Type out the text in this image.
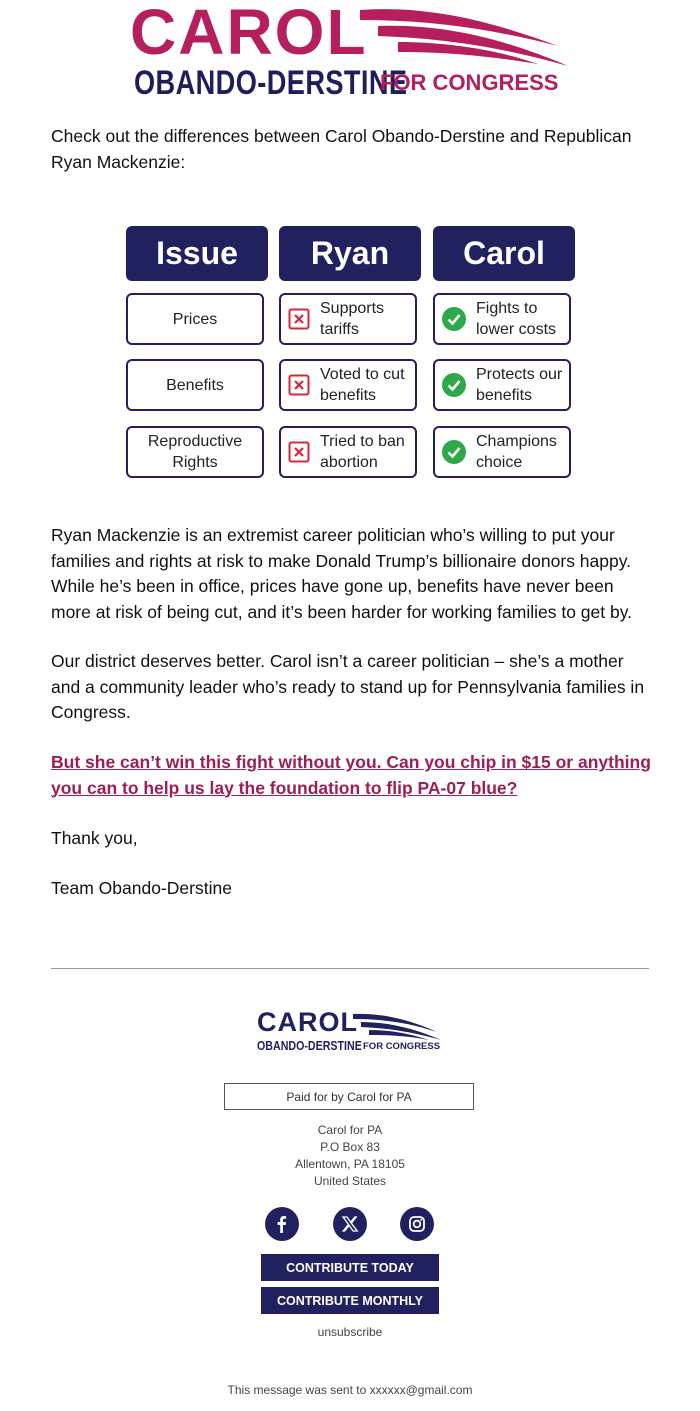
CAROL
OBANDO-DERSTINE
FOR CONGRESS

Check out the differences between Carol Obando-Derstine and Republican Ryan Mackenzie:

Issue	Ryan	Carol
Prices
Supports tariffs
Fights to lower costs
Benefits
Voted to cut benefits
Protects our benefits
Reproductive Rights
Tried to ban abortion
Champions choice

Ryan Mackenzie is an extremist career politician who’s willing to put your families and rights at risk to make Donald Trump’s billionaire donors happy. While he’s been in office, prices have gone up, benefits have never been more at risk of being cut, and it’s been harder for working families to get by.

Our district deserves better. Carol isn’t a career politician – she’s a mother and a community leader who’s ready to stand up for Pennsylvania families in Congress.

But she can’t win this fight without you. Can you chip in $15 or anything you can to help us lay the foundation to flip PA-07 blue?

Thank you,

Team Obando-Derstine

CAROL
OBANDO-DERSTINE FOR CONGRESS
Paid for by Carol for PA
Carol for PA
P.O Box 83
Allentown, PA 18105
United States
CONTRIBUTE TODAY
CONTRIBUTE MONTHLY
unsubscribe
This message was sent to xxxxxx@gmail.com
